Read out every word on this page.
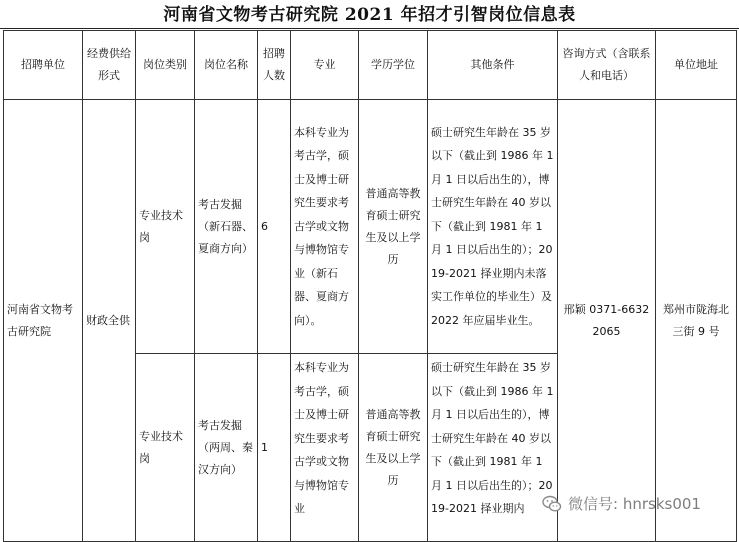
河南省文物考古研究院 2021 年招才引智岗位信息表
招聘单位	经费供给形式	岗位类别	岗位名称	招聘人数	专业	学历学位	其他条件	咨询方式（含联系人和电话）	单位地址
河南省文物考古研究院	财政全供	专业技术岗	考古发掘（新石器、夏商方向）	6	本科专业为考古学，硕士及博士研究生要求考古学或文物与博物馆专业（新石器、夏商方向）。	普通高等教育硕士研究生及以上学历	硕士研究生年龄在 35 岁以下（截止到 1986 年 1 月 1 日以后出生的），博士研究生年龄在 40 岁以下（截止到 1981 年 1 月 1 日以后出生的）；2019-2021 择业期内未落实工作单位的毕业生）及 2022 年应届毕业生。	邢颖 0371-66322065	郑州市陇海北三街 9 号
		专业技术岗	考古发掘（两周、秦汉方向）	1	本科专业为考古学，硕士及博士研究生要求考古学或文物与博物馆专业	普通高等教育硕士研究生及以上学历	硕士研究生年龄在 35 岁以下（截止到 1986 年 1 月 1 日以后出生的），博士研究生年龄在 40 岁以下（截止到 1981 年 1 月 1 日以后出生的）；2019-2021 择业期内			微信号: hnrsks001
